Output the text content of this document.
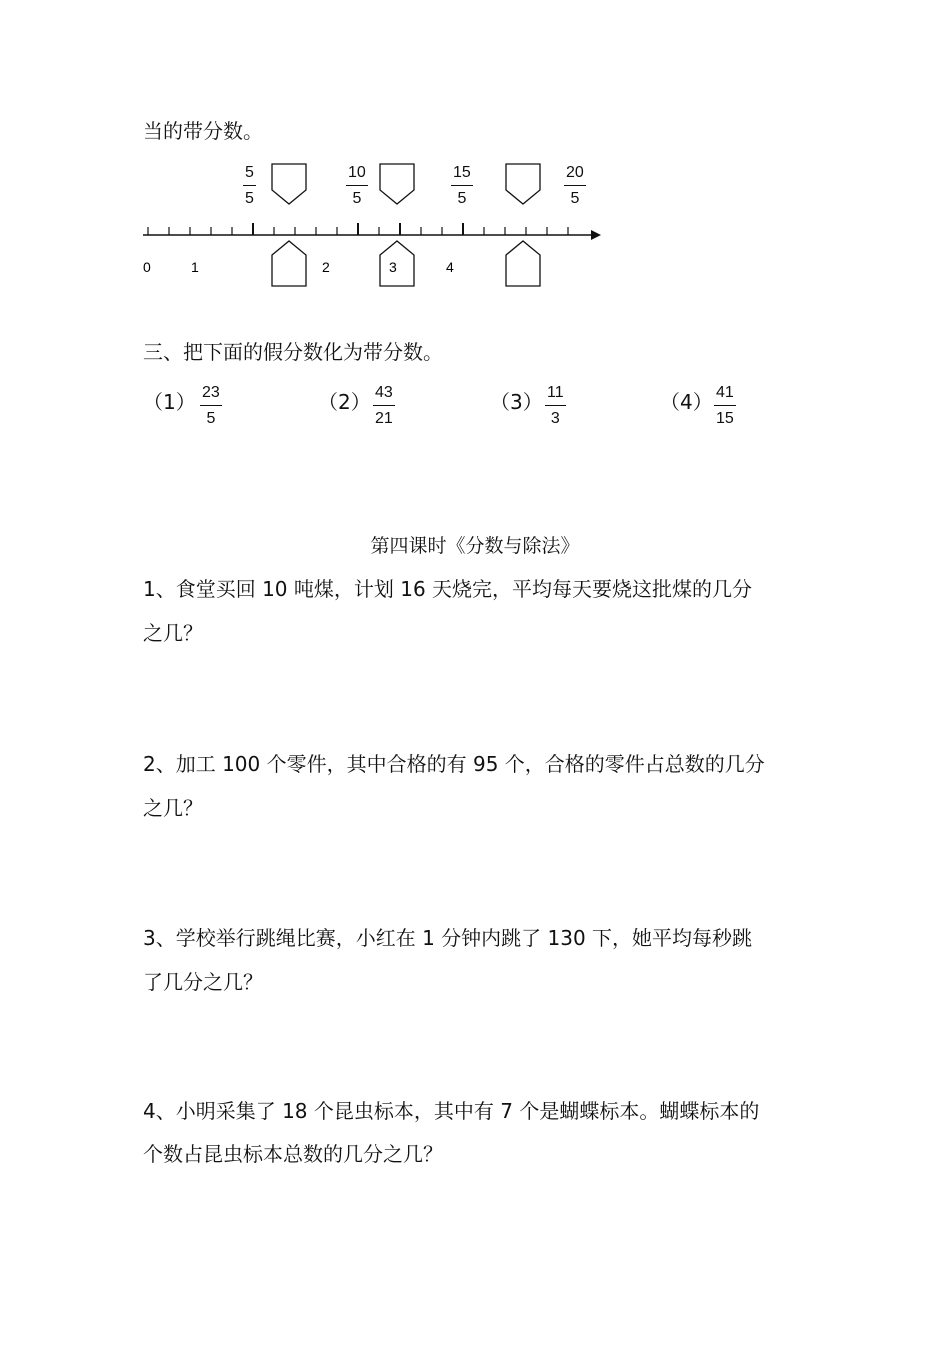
当的带分数。
5
5
10
5
15
5
20
5
0	1	2	3	4
三、把下面的假分数化为带分数。
（1） 23
5
（2） 43
21
（3） 11
3
（4） 41
15
第四课时《分数与除法》
1、食堂买回 10 吨煤，计划 16 天烧完，平均每天要烧这批煤的几分
之几？
2、加工 100 个零件，其中合格的有 95 个，合格的零件占总数的几分
之几？
3、学校举行跳绳比赛，小红在 1 分钟内跳了 130 下，她平均每秒跳
了几分之几？
4、小明采集了 18 个昆虫标本，其中有 7 个是蝴蝶标本。蝴蝶标本的
个数占昆虫标本总数的几分之几？
